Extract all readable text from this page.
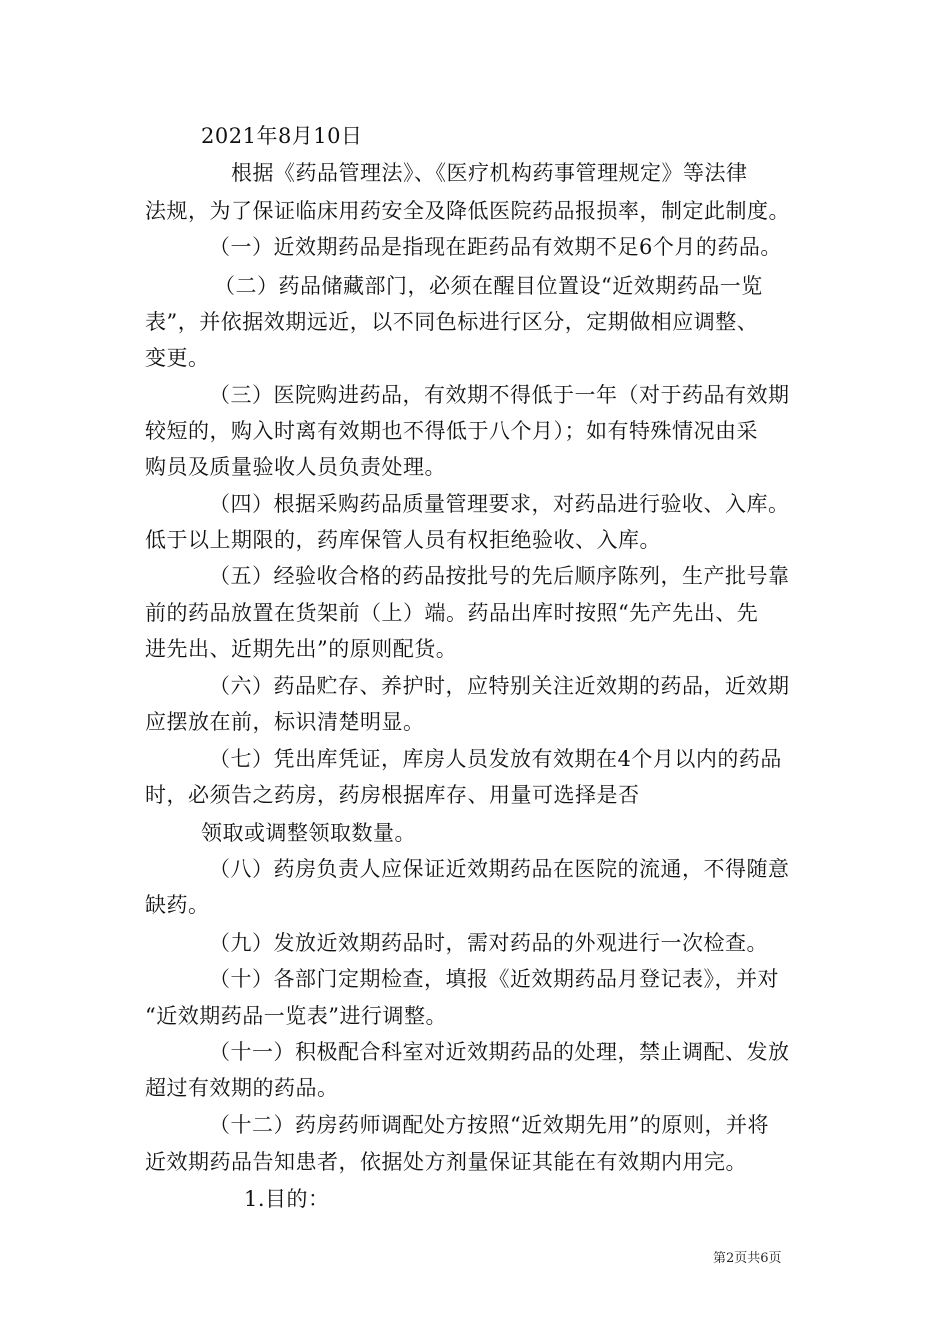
2021年8月10日
根据《药品管理法》、《医疗机构药事管理规定》等法律
法规，为了保证临床用药安全及降低医院药品报损率，制定此制度。
（一）近效期药品是指现在距药品有效期不足6个月的药品。
（二）药品储藏部门，必须在醒目位置设“近效期药品一览
表”，并依据效期远近，以不同色标进行区分，定期做相应调整、
变更。
（三）医院购进药品，有效期不得低于一年（对于药品有效期
较短的，购入时离有效期也不得低于八个月）；如有特殊情况由采
购员及质量验收人员负责处理。
（四）根据采购药品质量管理要求，对药品进行验收、入库。
低于以上期限的，药库保管人员有权拒绝验收、入库。
（五）经验收合格的药品按批号的先后顺序陈列，生产批号靠
前的药品放置在货架前（上）端。药品出库时按照“先产先出、先
进先出、近期先出”的原则配货。
（六）药品贮存、养护时，应特别关注近效期的药品，近效期
应摆放在前，标识清楚明显。
（七）凭出库凭证，库房人员发放有效期在4个月以内的药品
时，必须告之药房，药房根据库存、用量可选择是否
领取或调整领取数量。
（八）药房负责人应保证近效期药品在医院的流通，不得随意
缺药。
（九）发放近效期药品时，需对药品的外观进行一次检查。
（十）各部门定期检查，填报《近效期药品月登记表》，并对
“近效期药品一览表”进行调整。
（十一）积极配合科室对近效期药品的处理，禁止调配、发放
超过有效期的药品。
（十二）药房药师调配处方按照“近效期先用”的原则，并将
近效期药品告知患者，依据处方剂量保证其能在有效期内用完。
1.目的：
第2页共6页
